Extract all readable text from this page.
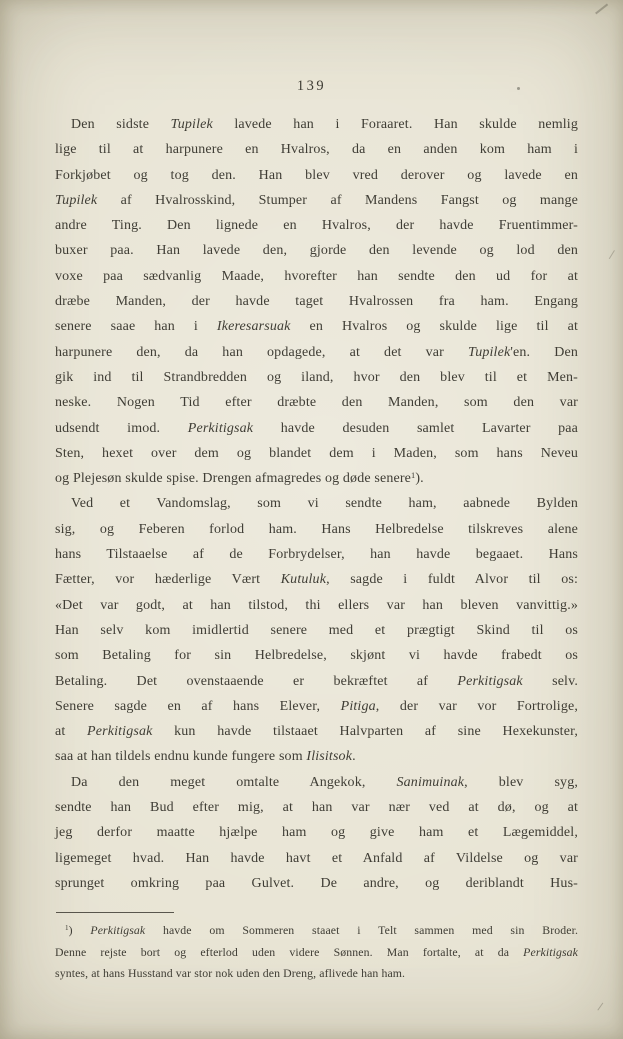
139
Den sidste Tupilek lavede han i Foraaret. Han skulde nemlig
lige til at harpunere en Hvalros, da en anden kom ham i
Forkjøbet og tog den. Han blev vred derover og lavede en
Tupilek af Hvalrosskind, Stumper af Mandens Fangst og mange
andre Ting. Den lignede en Hvalros, der havde Fruentimmer-
buxer paa. Han lavede den, gjorde den levende og lod den
voxe paa sædvanlig Maade, hvorefter han sendte den ud for at
dræbe Manden, der havde taget Hvalrossen fra ham. Engang
senere saae han i Ikeresarsuak en Hvalros og skulde lige til at
harpunere den, da han opdagede, at det var Tupilek'en. Den
gik ind til Strandbredden og iland, hvor den blev til et Men-
neske. Nogen Tid efter dræbte den Manden, som den var
udsendt imod. Perkitigsak havde desuden samlet Lavarter paa
Sten, hexet over dem og blandet dem i Maden, som hans Neveu
og Plejesøn skulde spise. Drengen afmagredes og døde senere$^1$).
Ved et Vandomslag, som vi sendte ham, aabnede Bylden
sig, og Feberen forlod ham. Hans Helbredelse tilskreves alene
hans Tilstaaelse af de Forbrydelser, han havde begaaet. Hans
Fætter, vor hæderlige Vært Kutuluk, sagde i fuldt Alvor til os:
«Det var godt, at han tilstod, thi ellers var han bleven vanvittig.»
Han selv kom imidlertid senere med et prægtigt Skind til os
som Betaling for sin Helbredelse, skjønt vi havde frabedt os
Betaling. Det ovenstaaende er bekræftet af Perkitigsak selv.
Senere sagde en af hans Elever, Pitiga, der var vor Fortrolige,
at Perkitigsak kun havde tilstaaet Halvparten af sine Hexekunster,
saa at han tildels endnu kunde fungere som Ilisitsok.
Da den meget omtalte Angekok, Sanimuinak, blev syg,
sendte han Bud efter mig, at han var nær ved at dø, og at
jeg derfor maatte hjælpe ham og give ham et Lægemiddel,
ligemeget hvad. Han havde havt et Anfald af Vildelse og var
sprunget omkring paa Gulvet. De andre, og deriblandt Hus-
$^1$) Perkitigsak havde om Sommeren staaet i Telt sammen med sin Broder.
Denne rejste bort og efterlod uden videre Sønnen. Man fortalte, at da Perkitigsak
syntes, at hans Husstand var stor nok uden den Dreng, aflivede han ham.
